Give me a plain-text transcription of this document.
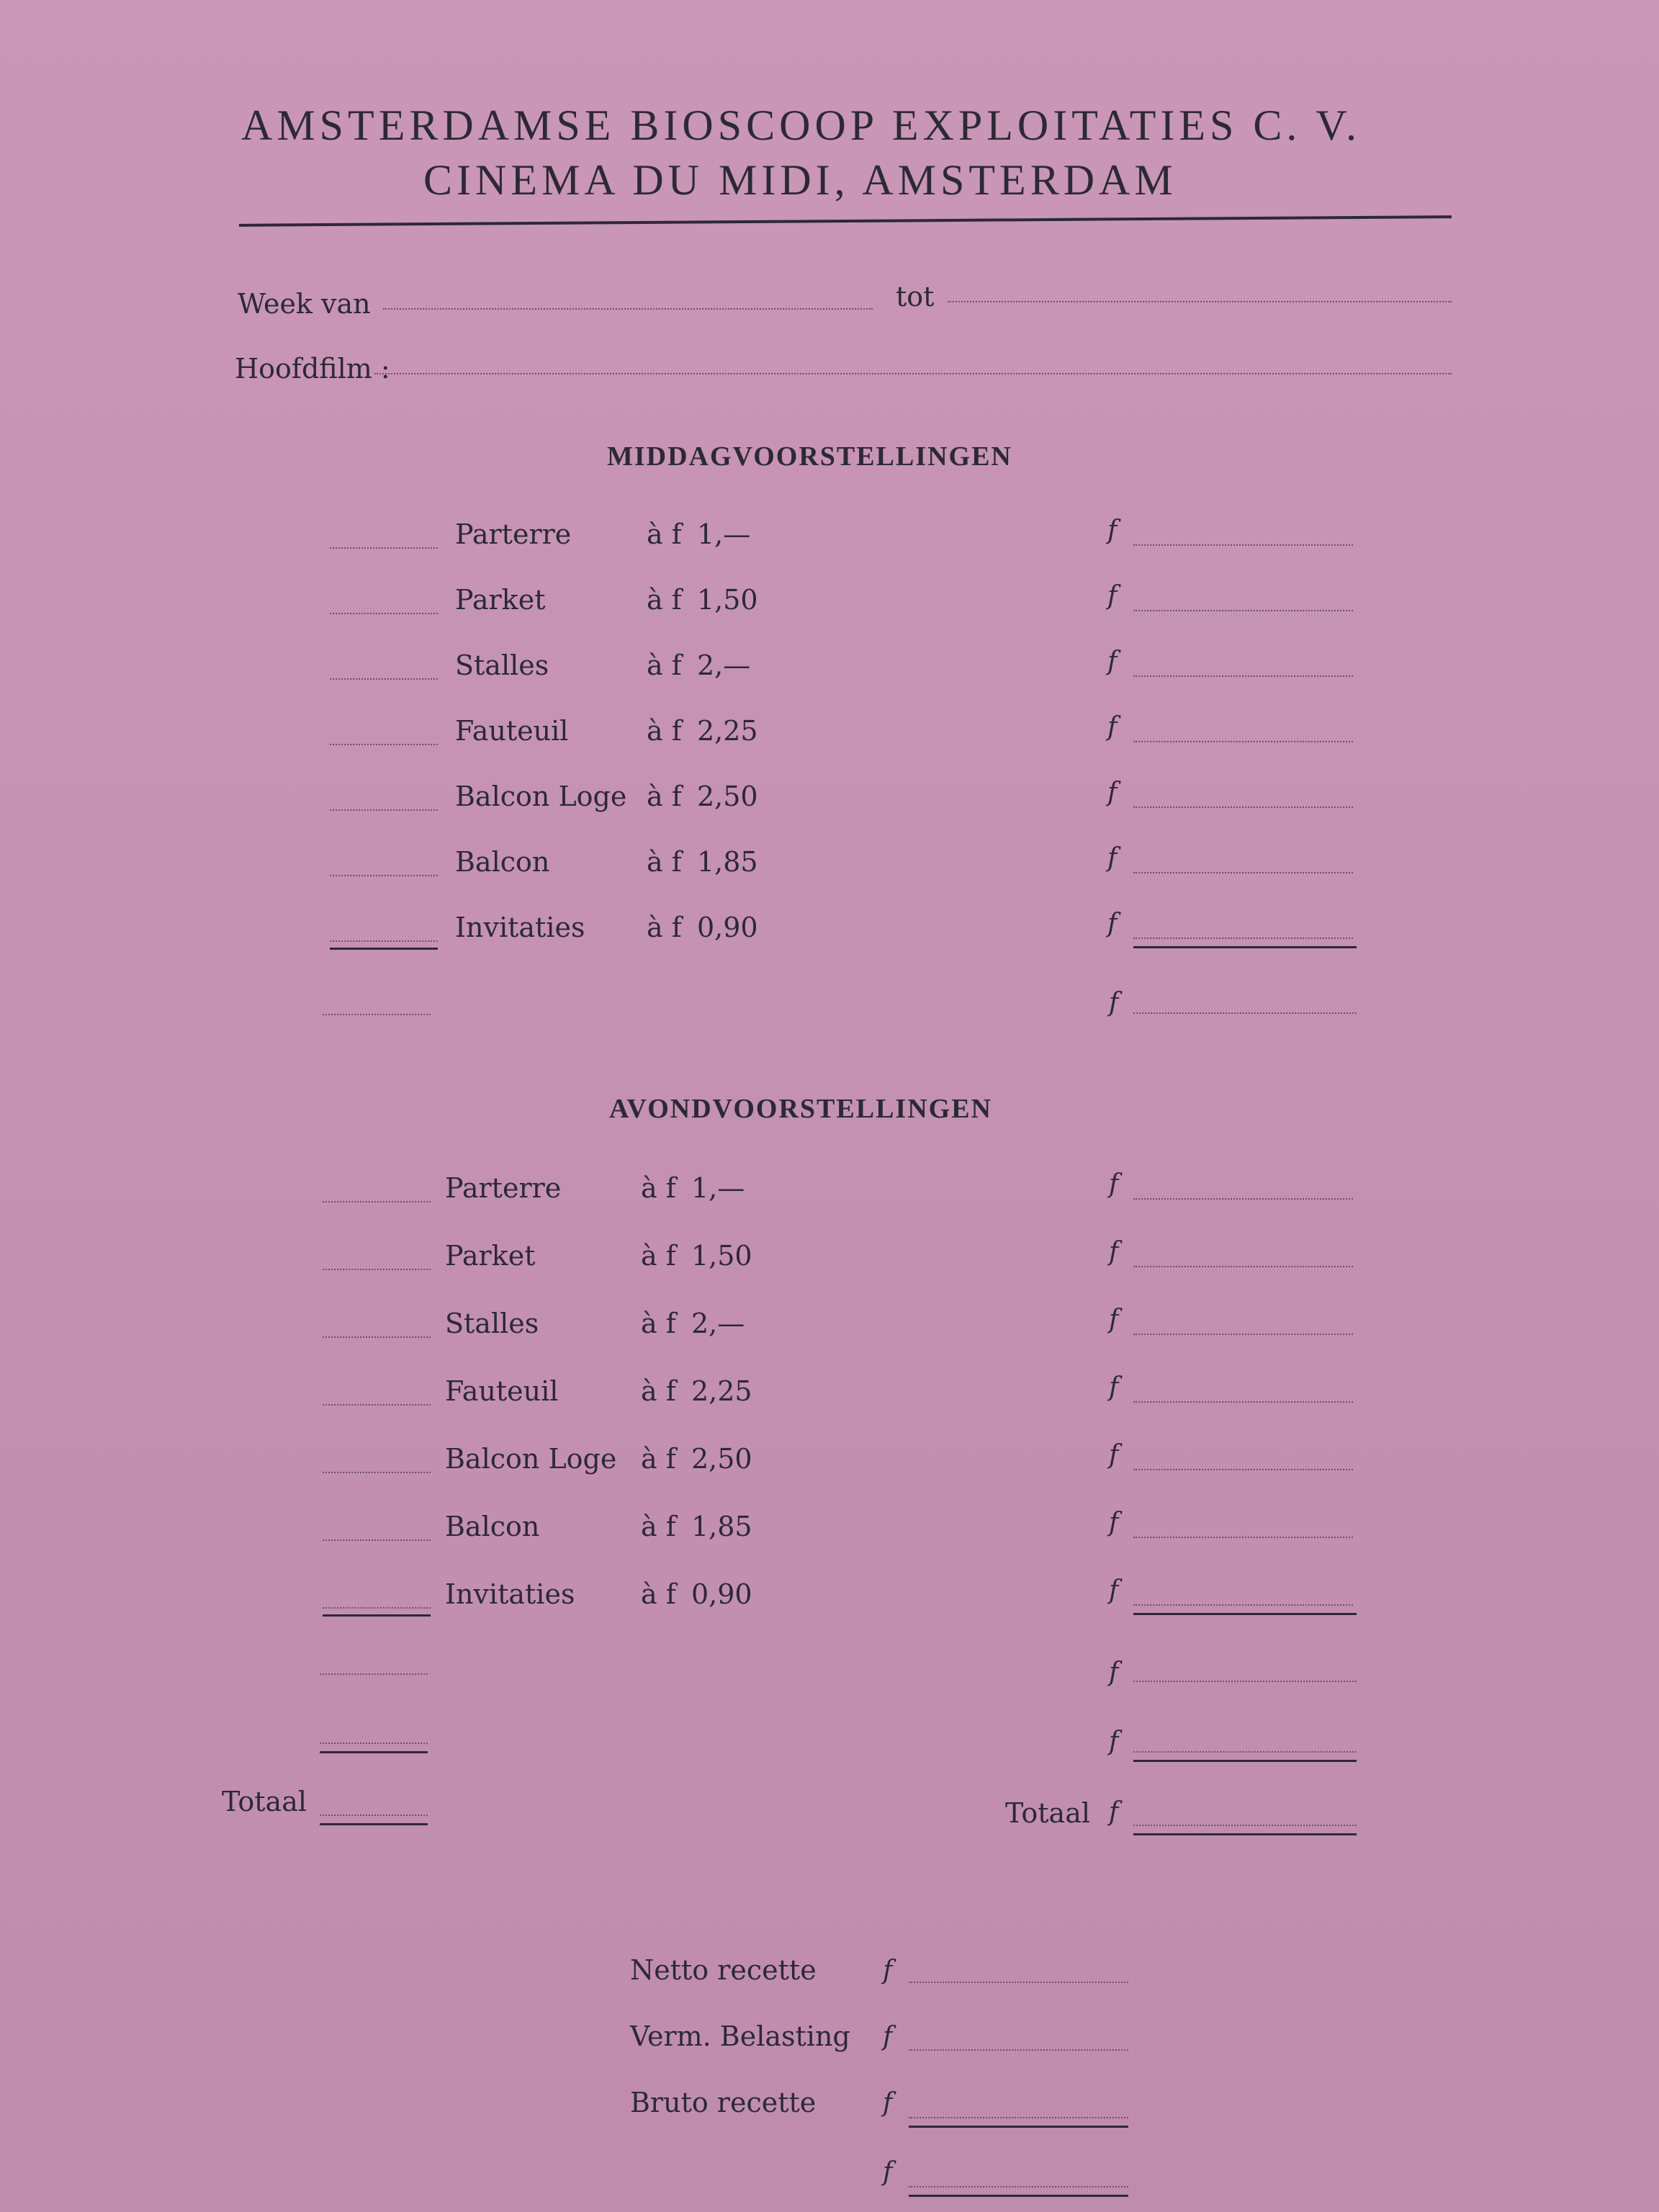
AMSTERDAMSE BIOSCOOP EXPLOITATIES C. V.
CINEMA DU MIDI, AMSTERDAM
Week van	tot
Hoofdfilm :
MIDDAGVOORSTELLINGEN
Parterre	à f 1,—	f
Parket	à f 1,50	f
Stalles	à f 2,—	f
Fauteuil	à f 2,25	f
Balcon Loge à f 2,50	f
Balcon	à f 1,85	f
Invitaties à f 0,90	f
f
AVONDVOORSTELLINGEN
Parterre	à f 1,—	f
Parket	à f 1,50	f
Stalles	à f 2,—	f
Fauteuil	à f 2,25	f
Balcon Loge à f 2,50	f
Balcon	à f 1,85	f
Invitaties à f 0,90	f
f
f
Totaal	Totaal f
Netto recette	f
Verm. Belasting f
Bruto recette	f
f
